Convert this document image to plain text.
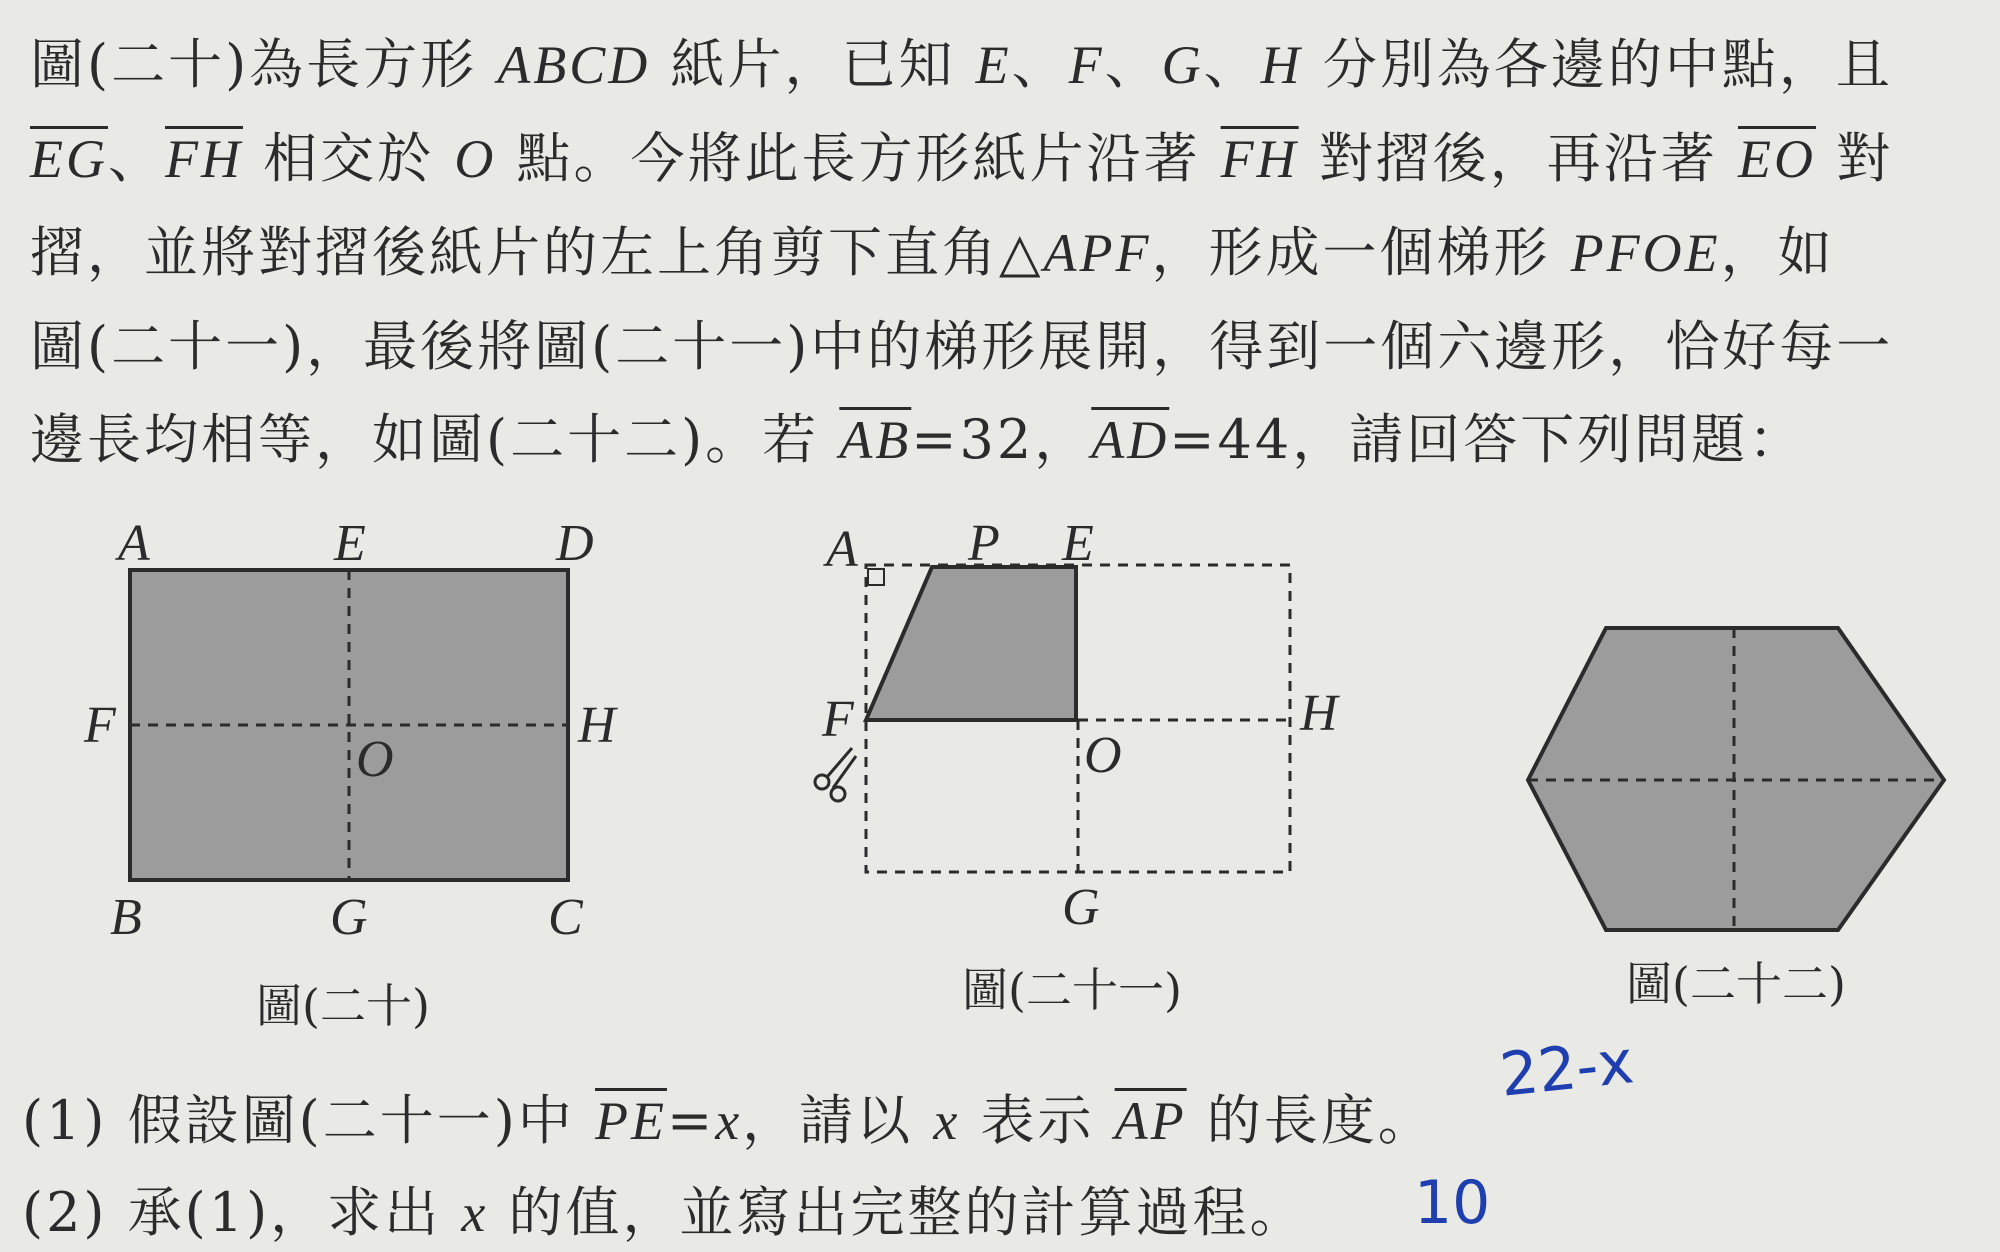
圖(二十)為長方形 ABCD 紙片，已知 E、F、G、H 分別為各邊的中點，且
$\overline{EG}$、$\overline{FH}$ 相交於 O 點。今將此長方形紙片沿著 $\overline{FH}$ 對摺後，再沿著 $\overline{EO}$ 對
摺，並將對摺後紙片的左上角剪下直角△APF，形成一個梯形 PFOE，如
圖(二十一)，最後將圖(二十一)中的梯形展開，得到一個六邊形，恰好每一
邊長均相等，如圖(二十二)。若 $\overline{AB}=32$，$\overline{AD}=44$，請回答下列問題：
A	E	D
F	H
O
B	G	C
圖(二十)
A P E
F	H
O
G
圖(二十一)	圖(二十二)
(1) 假設圖(二十一)中 $\overline{PE}=x$，請以 x 表示 $\overline{AP}$ 的長度。
(2) 承(1)，求出 x 的值，並寫出完整的計算過程。
22-x
10
